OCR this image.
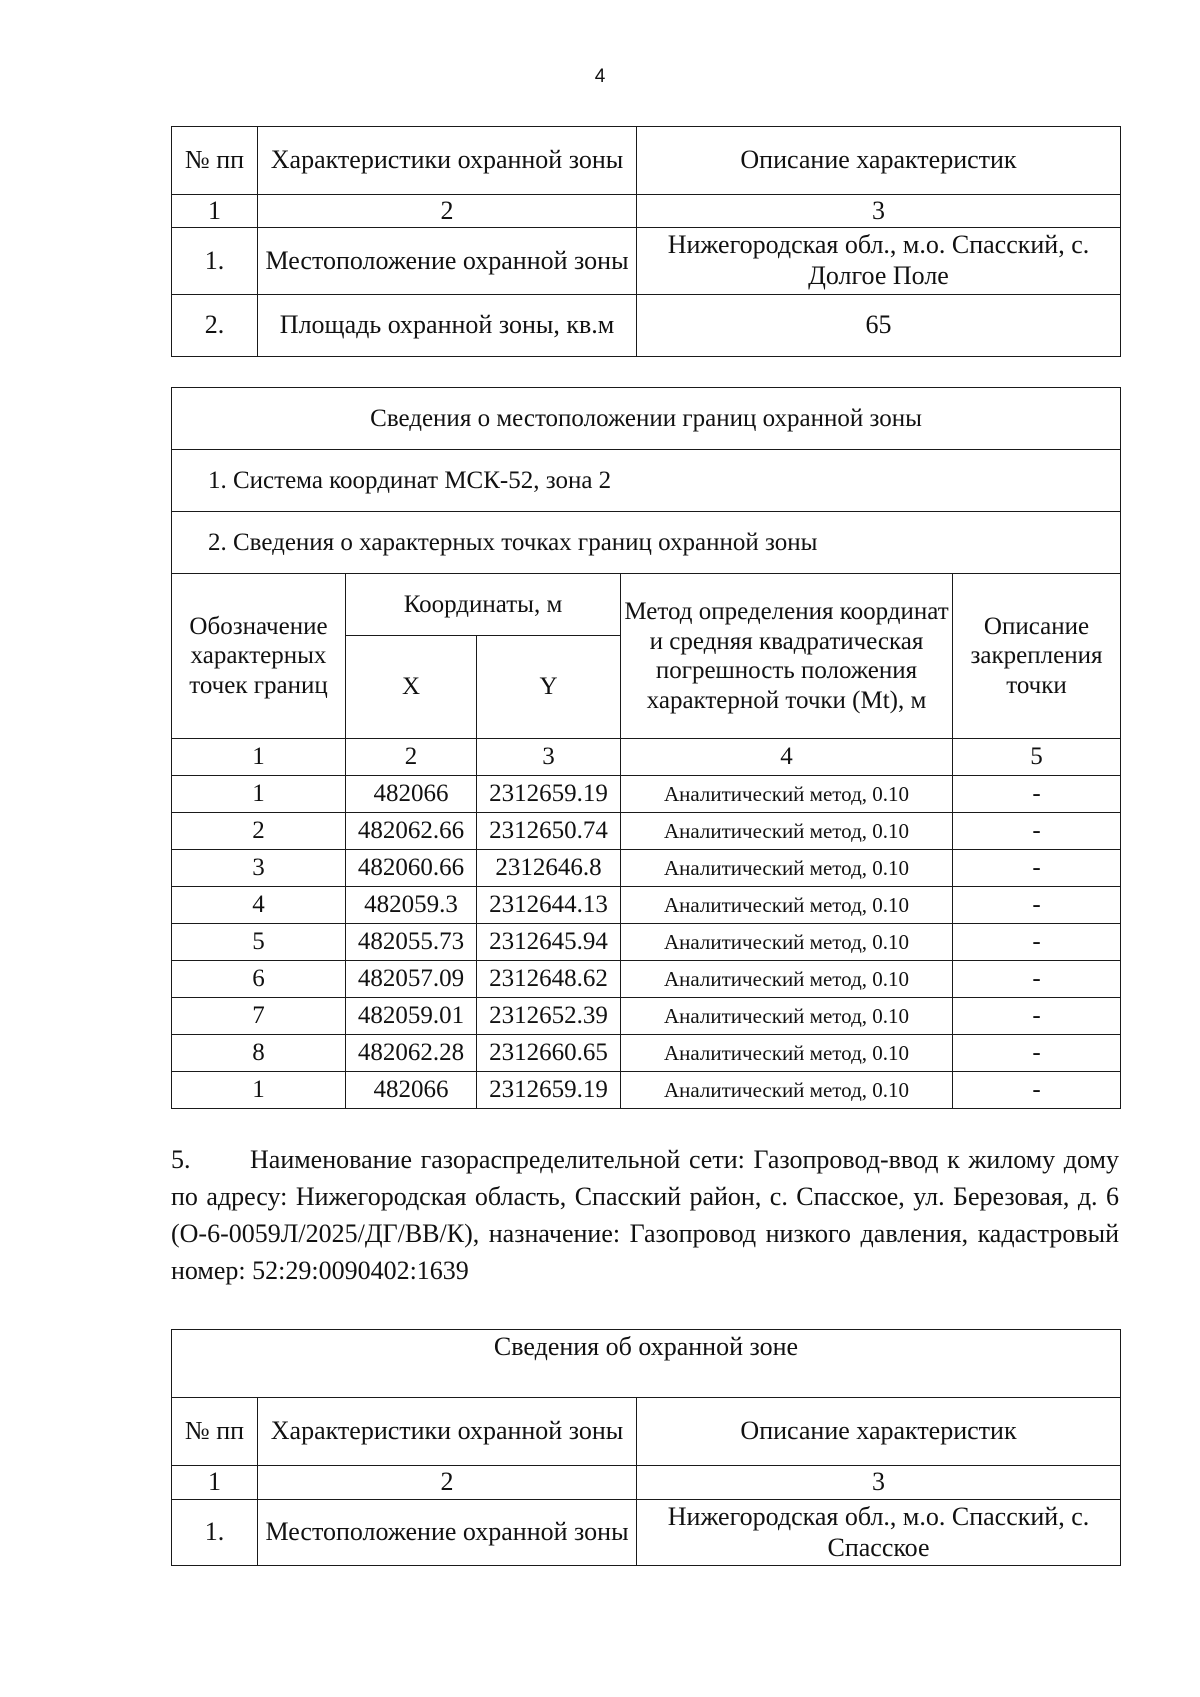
4
№ пп	Характеристики охранной зоны	Описание характеристик
1	2	3
1.	Местоположение охранной зоны	Нижегородская обл., м.о. Спасский, с. Долгое Поле
2.	Площадь охранной зоны, кв.м	65
Сведения о местоположении границ охранной зоны				
1. Система координат МСК-52, зона 2				
2. Сведения о характерных точках границ охранной зоны				
Обозначение характерных точек границ	Координаты, м		Метод определения координат и средняя квадратическая погрешность положения характерной точки (Mt), м	Описание закрепления точки
	X	Y		
1	2	3	4	5
1	482066	2312659.19	Аналитический метод, 0.10	-
2	482062.66	2312650.74	Аналитический метод, 0.10	-
3	482060.66	2312646.8	Аналитический метод, 0.10	-
4	482059.3	2312644.13	Аналитический метод, 0.10	-
5	482055.73	2312645.94	Аналитический метод, 0.10	-
6	482057.09	2312648.62	Аналитический метод, 0.10	-
7	482059.01	2312652.39	Аналитический метод, 0.10	-
8	482062.28	2312660.65	Аналитический метод, 0.10	-
1	482066	2312659.19	Аналитический метод, 0.10	-
5. Наименование газораспределительной сети: Газопровод-ввод к жилому дому по адресу: Нижегородская область, Спасский район, с. Спасское, ул. Березовая, д. 6 (О-6-0059Л/2025/ДГ/ВВ/К), назначение: Газопровод низкого давления, кадастровый номер: 52:29:0090402:1639
Сведения об охранной зоне		
№ пп	Характеристики охранной зоны	Описание характеристик
1	2	3
1.	Местоположение охранной зоны	Нижегородская обл., м.о. Спасский, с. Спасское
